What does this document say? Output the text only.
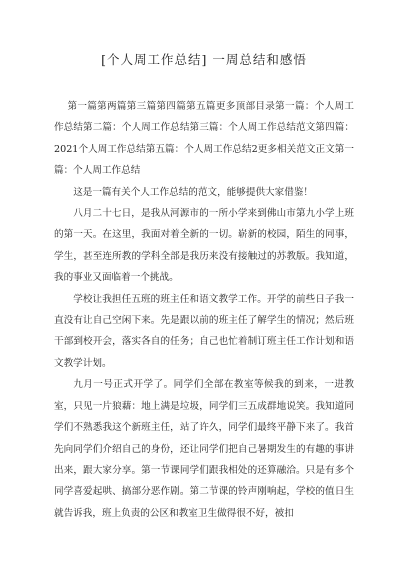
[个人周工作总结] 一周总结和感悟

第一篇第两篇第三篇第四篇第五篇更多顶部目录第一篇：个人周工作总结第二篇：个人周工作总结第三篇：个人周工作总结范文第四篇：2021个人周工作总结第五篇：个人周工作总结2更多相关范文正文第一篇：个人周工作总结

这是一篇有关个人工作总结的范文，能够提供大家借鉴！

八月二十七日，是我从河源市的一所小学来到佛山市第九小学上班的第一天。在这里，我面对着全新的一切。崭新的校园，陌生的同事，学生，甚至连所教的学科全部是我历来没有接触过的苏教版。我知道，我的事业又面临着一个挑战。

学校让我担任五班的班主任和语文教学工作。开学的前些日子我一直没有让自己空闲下来。先是跟以前的班主任了解学生的情况；然后班干部到校开会，落实各自的任务；自己也忙着制订班主任工作计划和语文教学计划。

九月一号正式开学了。同学们全部在教室等候我的到来，一进教室，只见一片狼藉：地上满是垃圾，同学们三五成群地说笑。我知道同学们不熟悉我这个新班主任，站了许久，同学们最终平静下来了。我首先向同学们介绍自己的身份，还让同学们把自己暑期发生的有趣的事讲出来，跟大家分享。第一节课同学们跟我相处的还算融洽。只是有多个同学喜爱起哄、搞部分恶作剧。第二节课的铃声刚响起，学校的值日生就告诉我，班上负责的公区和教室卫生做得很不好，被扣
